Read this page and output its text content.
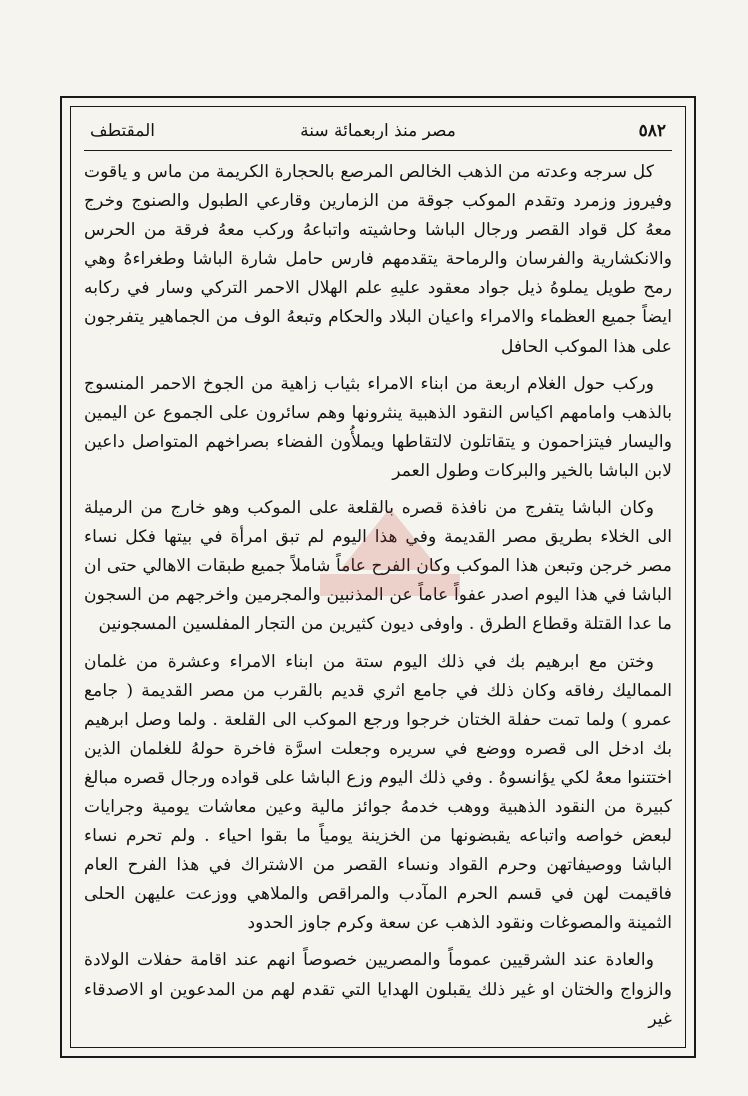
٥٨٢
مصر منذ اربعمائة سنة
المقتطف

كل سرجه وعدته من الذهب الخالص المرصع بالحجارة الكريمة من ماس و ياقوت وفيروز وزمرد وتقدم الموكب جوقة من الزمارين وقارعي الطبول والصنوج وخرج معهُ كل قواد القصر ورجال الباشا وحاشيته واتباعهُ وركب معهُ فرقة من الحرس والانكشارية والفرسان والرماحة يتقدمهم فارس حامل شارة الباشا وطغراءهُ وهي رمح طويل يملوهُ ذيل جواد معقود عليهِ علم الهلال الاحمر التركي وسار في ركابه ايضاً جميع العظماء والامراء واعيان البلاد والحكام وتبعهُ الوف من الجماهير يتفرجون على هذا الموكب الحافل

وركب حول الغلام اربعة من ابناء الامراء بثياب زاهية من الجوخ الاحمر المنسوج بالذهب وامامهم اكياس النقود الذهبية ينثرونها وهم سائرون على الجموع عن اليمين واليسار فيتزاحمون و يتقاتلون لالتقاطها ويملأُون الفضاء بصراخهم المتواصل داعين لابن الباشا بالخير والبركات وطول العمر

وكان الباشا يتفرج من نافذة قصره بالقلعة على الموكب وهو خارج من الرميلة الى الخلاء بطريق مصر القديمة وفي هذا اليوم لم تبق امرأة في بيتها فكل نساء مصر خرجن وتبعن هذا الموكب وكان الفرح عاماً شاملاً جميع طبقات الاهالي حتى ان الباشا في هذا اليوم اصدر عفواً عاماً عن المذنبين والمجرمين واخرجهم من السجون ما عدا القتلة وقطاع الطرق . واوفى ديون كثيرين من التجار المفلسين المسجونين

وختن مع ابرهيم بك في ذلك اليوم ستة من ابناء الامراء وعشرة من غلمان المماليك رفاقه وكان ذلك في جامع اثري قديم بالقرب من مصر القديمة ( جامع عمرو ) ولما تمت حفلة الختان خرجوا ورجع الموكب الى القلعة . ولما وصل ابرهيم بك ادخل الى قصره ووضع في سريره وجعلت اسرَّة فاخرة حولهُ للغلمان الذين اختتنوا معهُ لكي يؤانسوهُ . وفي ذلك اليوم وزع الباشا على قواده ورجال قصره مبالغ كبيرة من النقود الذهبية ووهب خدمهُ جوائز مالية وعين معاشات يومية وجرايات لبعض خواصه واتباعه يقبضونها من الخزينة يومياً ما بقوا احياء . ولم تحرم نساء الباشا ووصيفاتهن وحرم القواد ونساء القصر من الاشتراك في هذا الفرح العام فاقيمت لهن في قسم الحرم المآدب والمراقص والملاهي ووزعت عليهن الحلى الثمينة والمصوغات ونقود الذهب عن سعة وكرم جاوز الحدود

والعادة عند الشرقيين عموماً والمصريين خصوصاً انهم عند اقامة حفلات الولادة والزواج والختان او غير ذلك يقبلون الهدايا التي تقدم لهم من المدعوين او الاصدقاء غير
